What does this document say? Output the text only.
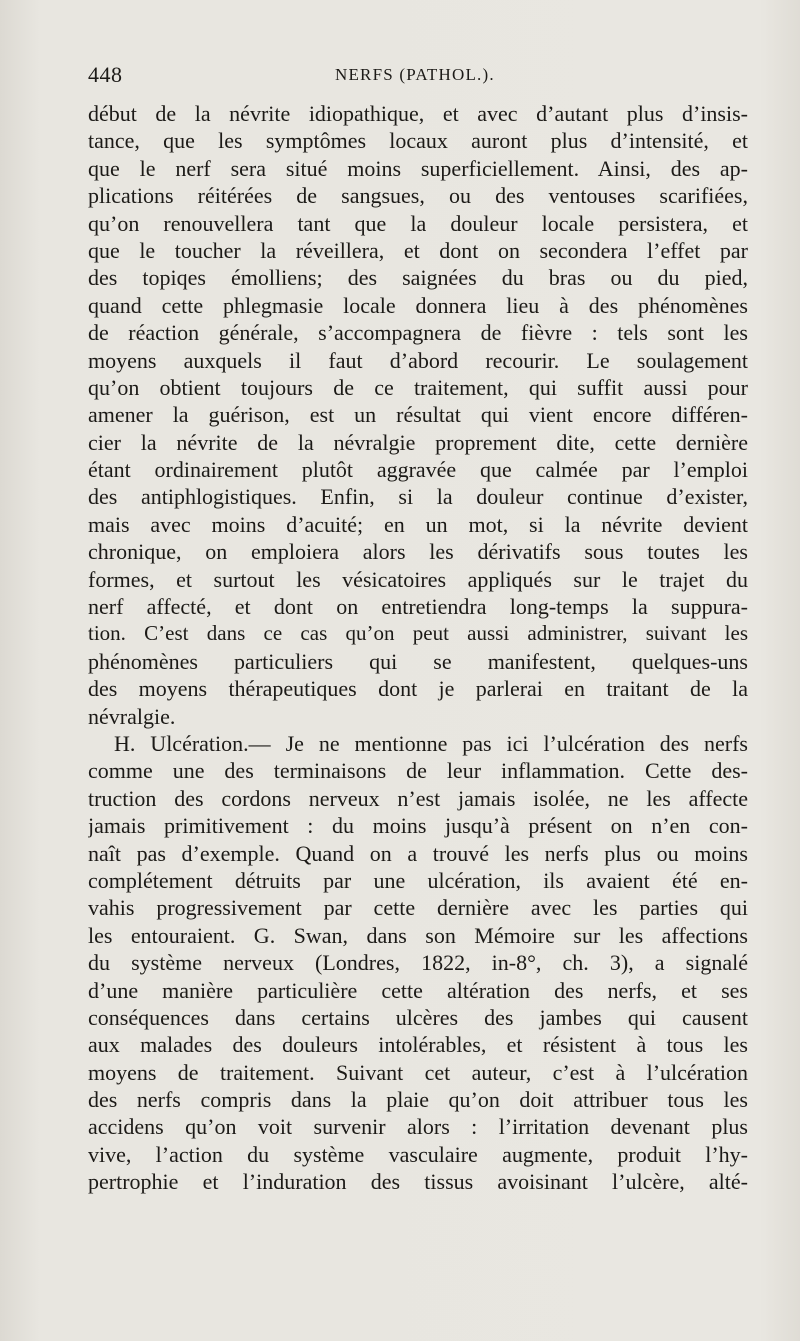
448	NERFS (PATHOL.).
début de la névrite idiopathique, et avec d’autant plus d’insis-
tance, que les symptômes locaux auront plus d’intensité, et
que le nerf sera situé moins superficiellement. Ainsi, des ap-
plications réitérées de sangsues, ou des ventouses scarifiées,
qu’on renouvellera tant que la douleur locale persistera, et
que le toucher la réveillera, et dont on secondera l’effet par
des topiqes émolliens; des saignées du bras ou du pied,
quand cette phlegmasie locale donnera lieu à des phénomènes
de réaction générale, s’accompagnera de fièvre : tels sont les
moyens auxquels il faut d’abord recourir. Le soulagement
qu’on obtient toujours de ce traitement, qui suffit aussi pour
amener la guérison, est un résultat qui vient encore différen-
cier la névrite de la névralgie proprement dite, cette dernière
étant ordinairement plutôt aggravée que calmée par l’emploi
des antiphlogistiques. Enfin, si la douleur continue d’exister,
mais avec moins d’acuité; en un mot, si la névrite devient
chronique, on emploiera alors les dérivatifs sous toutes les
formes, et surtout les vésicatoires appliqués sur le trajet du
nerf affecté, et dont on entretiendra long-temps la suppura-
tion. C’est dans ce cas qu’on peut aussi administrer, suivant les
phénomènes particuliers qui se manifestent, quelques-uns
des moyens thérapeutiques dont je parlerai en traitant de la
névralgie.
H. Ulcération.— Je ne mentionne pas ici l’ulcération des nerfs
comme une des terminaisons de leur inflammation. Cette des-
truction des cordons nerveux n’est jamais isolée, ne les affecte
jamais primitivement : du moins jusqu’à présent on n’en con-
naît pas d’exemple. Quand on a trouvé les nerfs plus ou moins
complétement détruits par une ulcération, ils avaient été en-
vahis progressivement par cette dernière avec les parties qui
les entouraient. G. Swan, dans son Mémoire sur les affections
du système nerveux (Londres, 1822, in-8°, ch. 3), a signalé
d’une manière particulière cette altération des nerfs, et ses
conséquences dans certains ulcères des jambes qui causent
aux malades des douleurs intolérables, et résistent à tous les
moyens de traitement. Suivant cet auteur, c’est à l’ulcération
des nerfs compris dans la plaie qu’on doit attribuer tous les
accidens qu’on voit survenir alors : l’irritation devenant plus
vive, l’action du système vasculaire augmente, produit l’hy-
pertrophie et l’induration des tissus avoisinant l’ulcère, alté-
